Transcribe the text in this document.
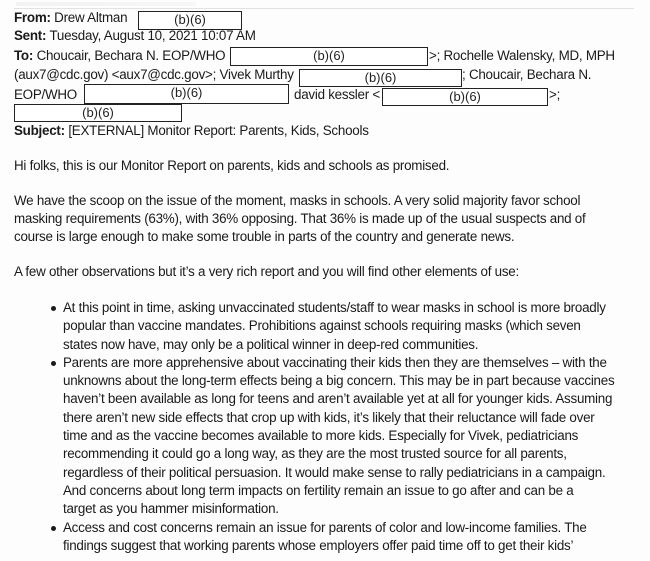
From: Drew Altman	(b)(6)
Sent: Tuesday, August 10, 2021 10:07 AM
To: Choucair, Bechara N. EOP/WHO	(b)(6)	>; Rochelle Walensky, MD, MPH
(aux7@cdc.gov) <aux7@cdc.gov>; Vivek Murthy	(b)(6)	; Choucair, Bechara N.
EOP/WHO	(b)(6)	david kessler <	(b)(6)	>;
(b)(6)
Subject: [EXTERNAL] Monitor Report: Parents, Kids, Schools
Hi folks, this is our Monitor Report on parents, kids and schools as promised.
We have the scoop on the issue of the moment, masks in schools. A very solid majority favor school
masking requirements (63%), with 36% opposing. That 36% is made up of the usual suspects and of
course is large enough to make some trouble in parts of the country and generate news.
A few other observations but it’s a very rich report and you will find other elements of use:
At this point in time, asking unvaccinated students/staff to wear masks in school is more broadly
popular than vaccine mandates. Prohibitions against schools requiring masks (which seven
states now have, may only be a political winner in deep-red communities.
Parents are more apprehensive about vaccinating their kids then they are themselves – with the
unknowns about the long-term effects being a big concern. This may be in part because vaccines
haven’t been available as long for teens and aren’t available yet at all for younger kids. Assuming
there aren’t new side effects that crop up with kids, it’s likely that their reluctance will fade over
time and as the vaccine becomes available to more kids. Especially for Vivek, pediatricians
recommending it could go a long way, as they are the most trusted source for all parents,
regardless of their political persuasion. It would make sense to rally pediatricians in a campaign.
And concerns about long term impacts on fertility remain an issue to go after and can be a
target as you hammer misinformation.
Access and cost concerns remain an issue for parents of color and low-income families. The
findings suggest that working parents whose employers offer paid time off to get their kids’
